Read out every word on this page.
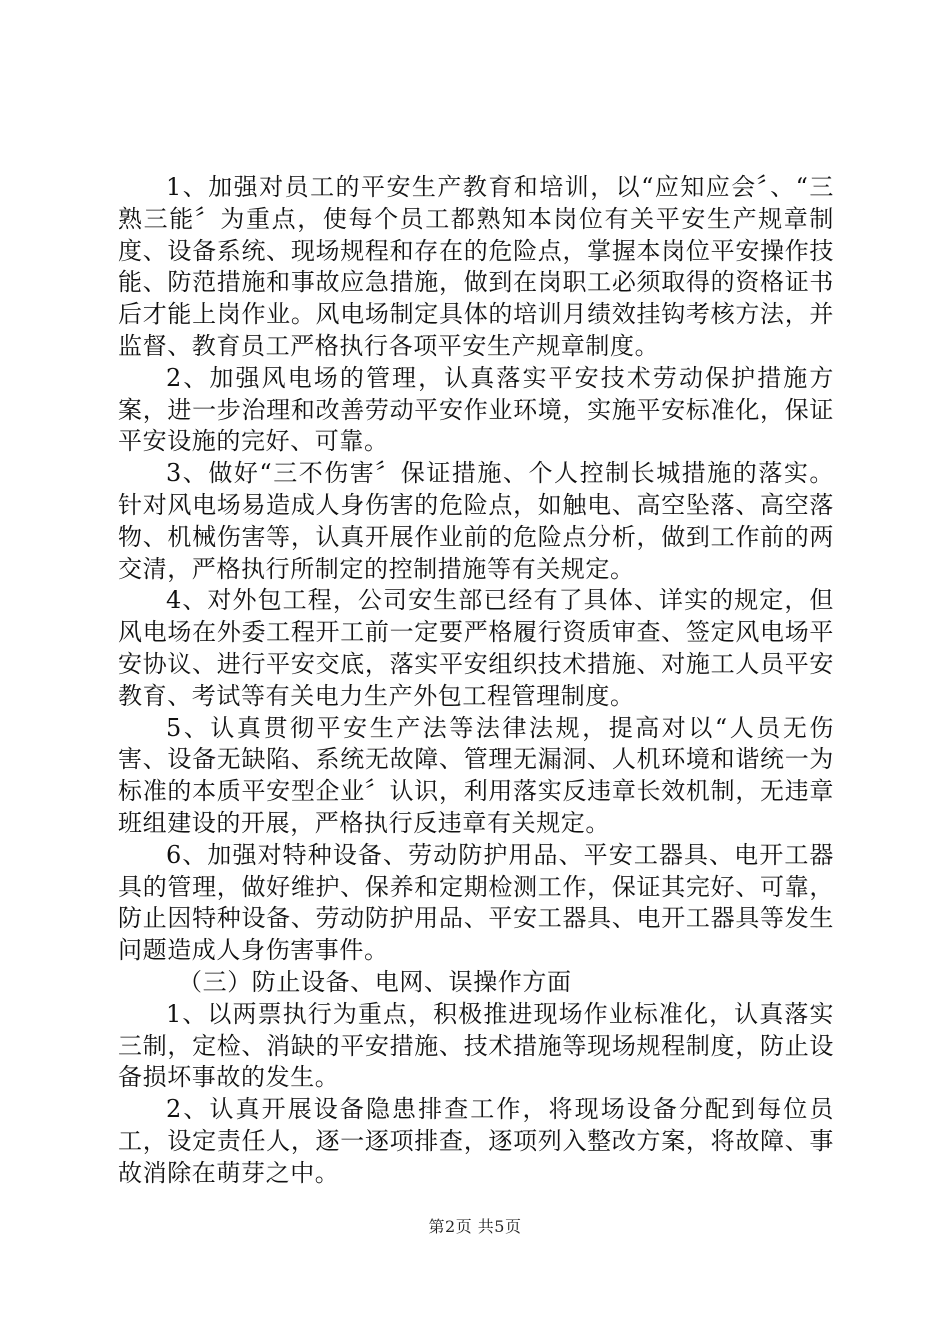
1、加强对员工的平安生产教育和培训，以“应知应会〞、“三熟三能〞为重点，使每个员工都熟知本岗位有关平安生产规章制度、设备系统、现场规程和存在的危险点，掌握本岗位平安操作技能、防范措施和事故应急措施，做到在岗职工必须取得的资格证书后才能上岗作业。风电场制定具体的培训月绩效挂钩考核方法，并监督、教育员工严格执行各项平安生产规章制度。

2、加强风电场的管理，认真落实平安技术劳动保护措施方案，进一步治理和改善劳动平安作业环境，实施平安标准化，保证平安设施的完好、可靠。

3、做好“三不伤害〞保证措施、个人控制长城措施的落实。针对风电场易造成人身伤害的危险点，如触电、高空坠落、高空落物、机械伤害等，认真开展作业前的危险点分析，做到工作前的两交清，严格执行所制定的控制措施等有关规定。

4、对外包工程，公司安生部已经有了具体、详实的规定，但风电场在外委工程开工前一定要严格履行资质审查、签定风电场平安协议、进行平安交底，落实平安组织技术措施、对施工人员平安教育、考试等有关电力生产外包工程管理制度。

5、认真贯彻平安生产法等法律法规，提高对以“人员无伤害、设备无缺陷、系统无故障、管理无漏洞、人机环境和谐统一为标准的本质平安型企业〞认识，利用落实反违章长效机制，无违章班组建设的开展，严格执行反违章有关规定。

6、加强对特种设备、劳动防护用品、平安工器具、电开工器具的管理，做好维护、保养和定期检测工作，保证其完好、可靠，防止因特种设备、劳动防护用品、平安工器具、电开工器具等发生问题造成人身伤害事件。

（三）防止设备、电网、误操作方面

1、以两票执行为重点，积极推进现场作业标准化，认真落实三制，定检、消缺的平安措施、技术措施等现场规程制度，防止设备损坏事故的发生。

2、认真开展设备隐患排查工作，将现场设备分配到每位员工，设定责任人，逐一逐项排查，逐项列入整改方案，将故障、事故消除在萌芽之中。

第2页 共5页
